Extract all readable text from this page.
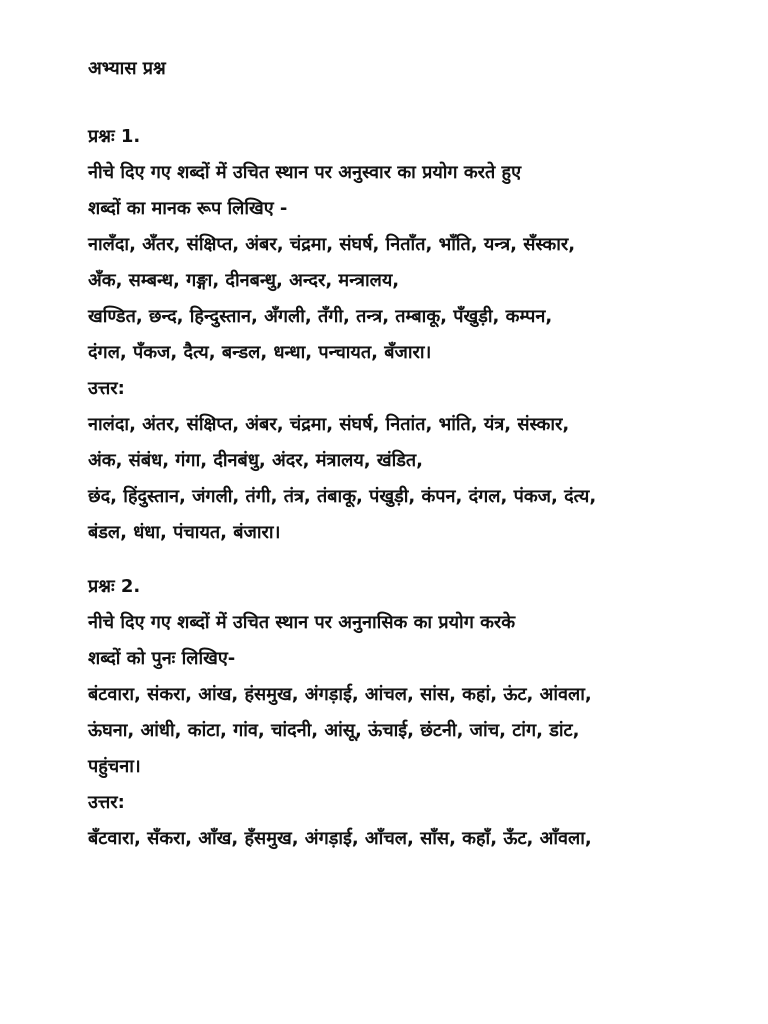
अभ्यास प्रश्न
प्रश्नः 1.
नीचे दिए गए शब्दों में उचित स्थान पर अनुस्वार का प्रयोग करते हुए
शब्दों का मानक रूप लिखिए -
नालँदा, अँतर, संक्षिप्त, अंबर, चंद्रमा, संघर्ष, निताँत, भाँति, यन्त्र, सँस्कार,
अँक, सम्बन्ध, गङ्गा, दीनबन्धु, अन्दर, मन्त्रालय,
खण्डित, छन्द, हिन्दुस्तान, अँगली, तँगी, तन्त्र, तम्बाकू, पँखुड़ी, कम्पन,
दंगल, पँकज, दैत्य, बन्डल, धन्धा, पन्चायत, बँजारा।
उत्तर:
नालंदा, अंतर, संक्षिप्त, अंबर, चंद्रमा, संघर्ष, नितांत, भांति, यंत्र, संस्कार,
अंक, संबंध, गंगा, दीनबंधु, अंदर, मंत्रालय, खंडित,
छंद, हिंदुस्तान, जंगली, तंगी, तंत्र, तंबाकू, पंखुड़ी, कंपन, दंगल, पंकज, दंत्य,
बंडल, धंधा, पंचायत, बंजारा।
प्रश्नः 2.
नीचे दिए गए शब्दों में उचित स्थान पर अनुनासिक का प्रयोग करके
शब्दों को पुनः लिखिए-
बंटवारा, संकरा, आंख, हंसमुख, अंगड़ाई, आंचल, सांस, कहां, ऊंट, आंवला,
ऊंघना, आंधी, कांटा, गांव, चांदनी, आंसू, ऊंचाई, छंटनी, जांच, टांग, डांट,
पहुंचना।
उत्तर:
बँटवारा, सँकरा, आँख, हँसमुख, अंगड़ाई, आँचल, साँस, कहाँ, ऊँट, आँवला,
